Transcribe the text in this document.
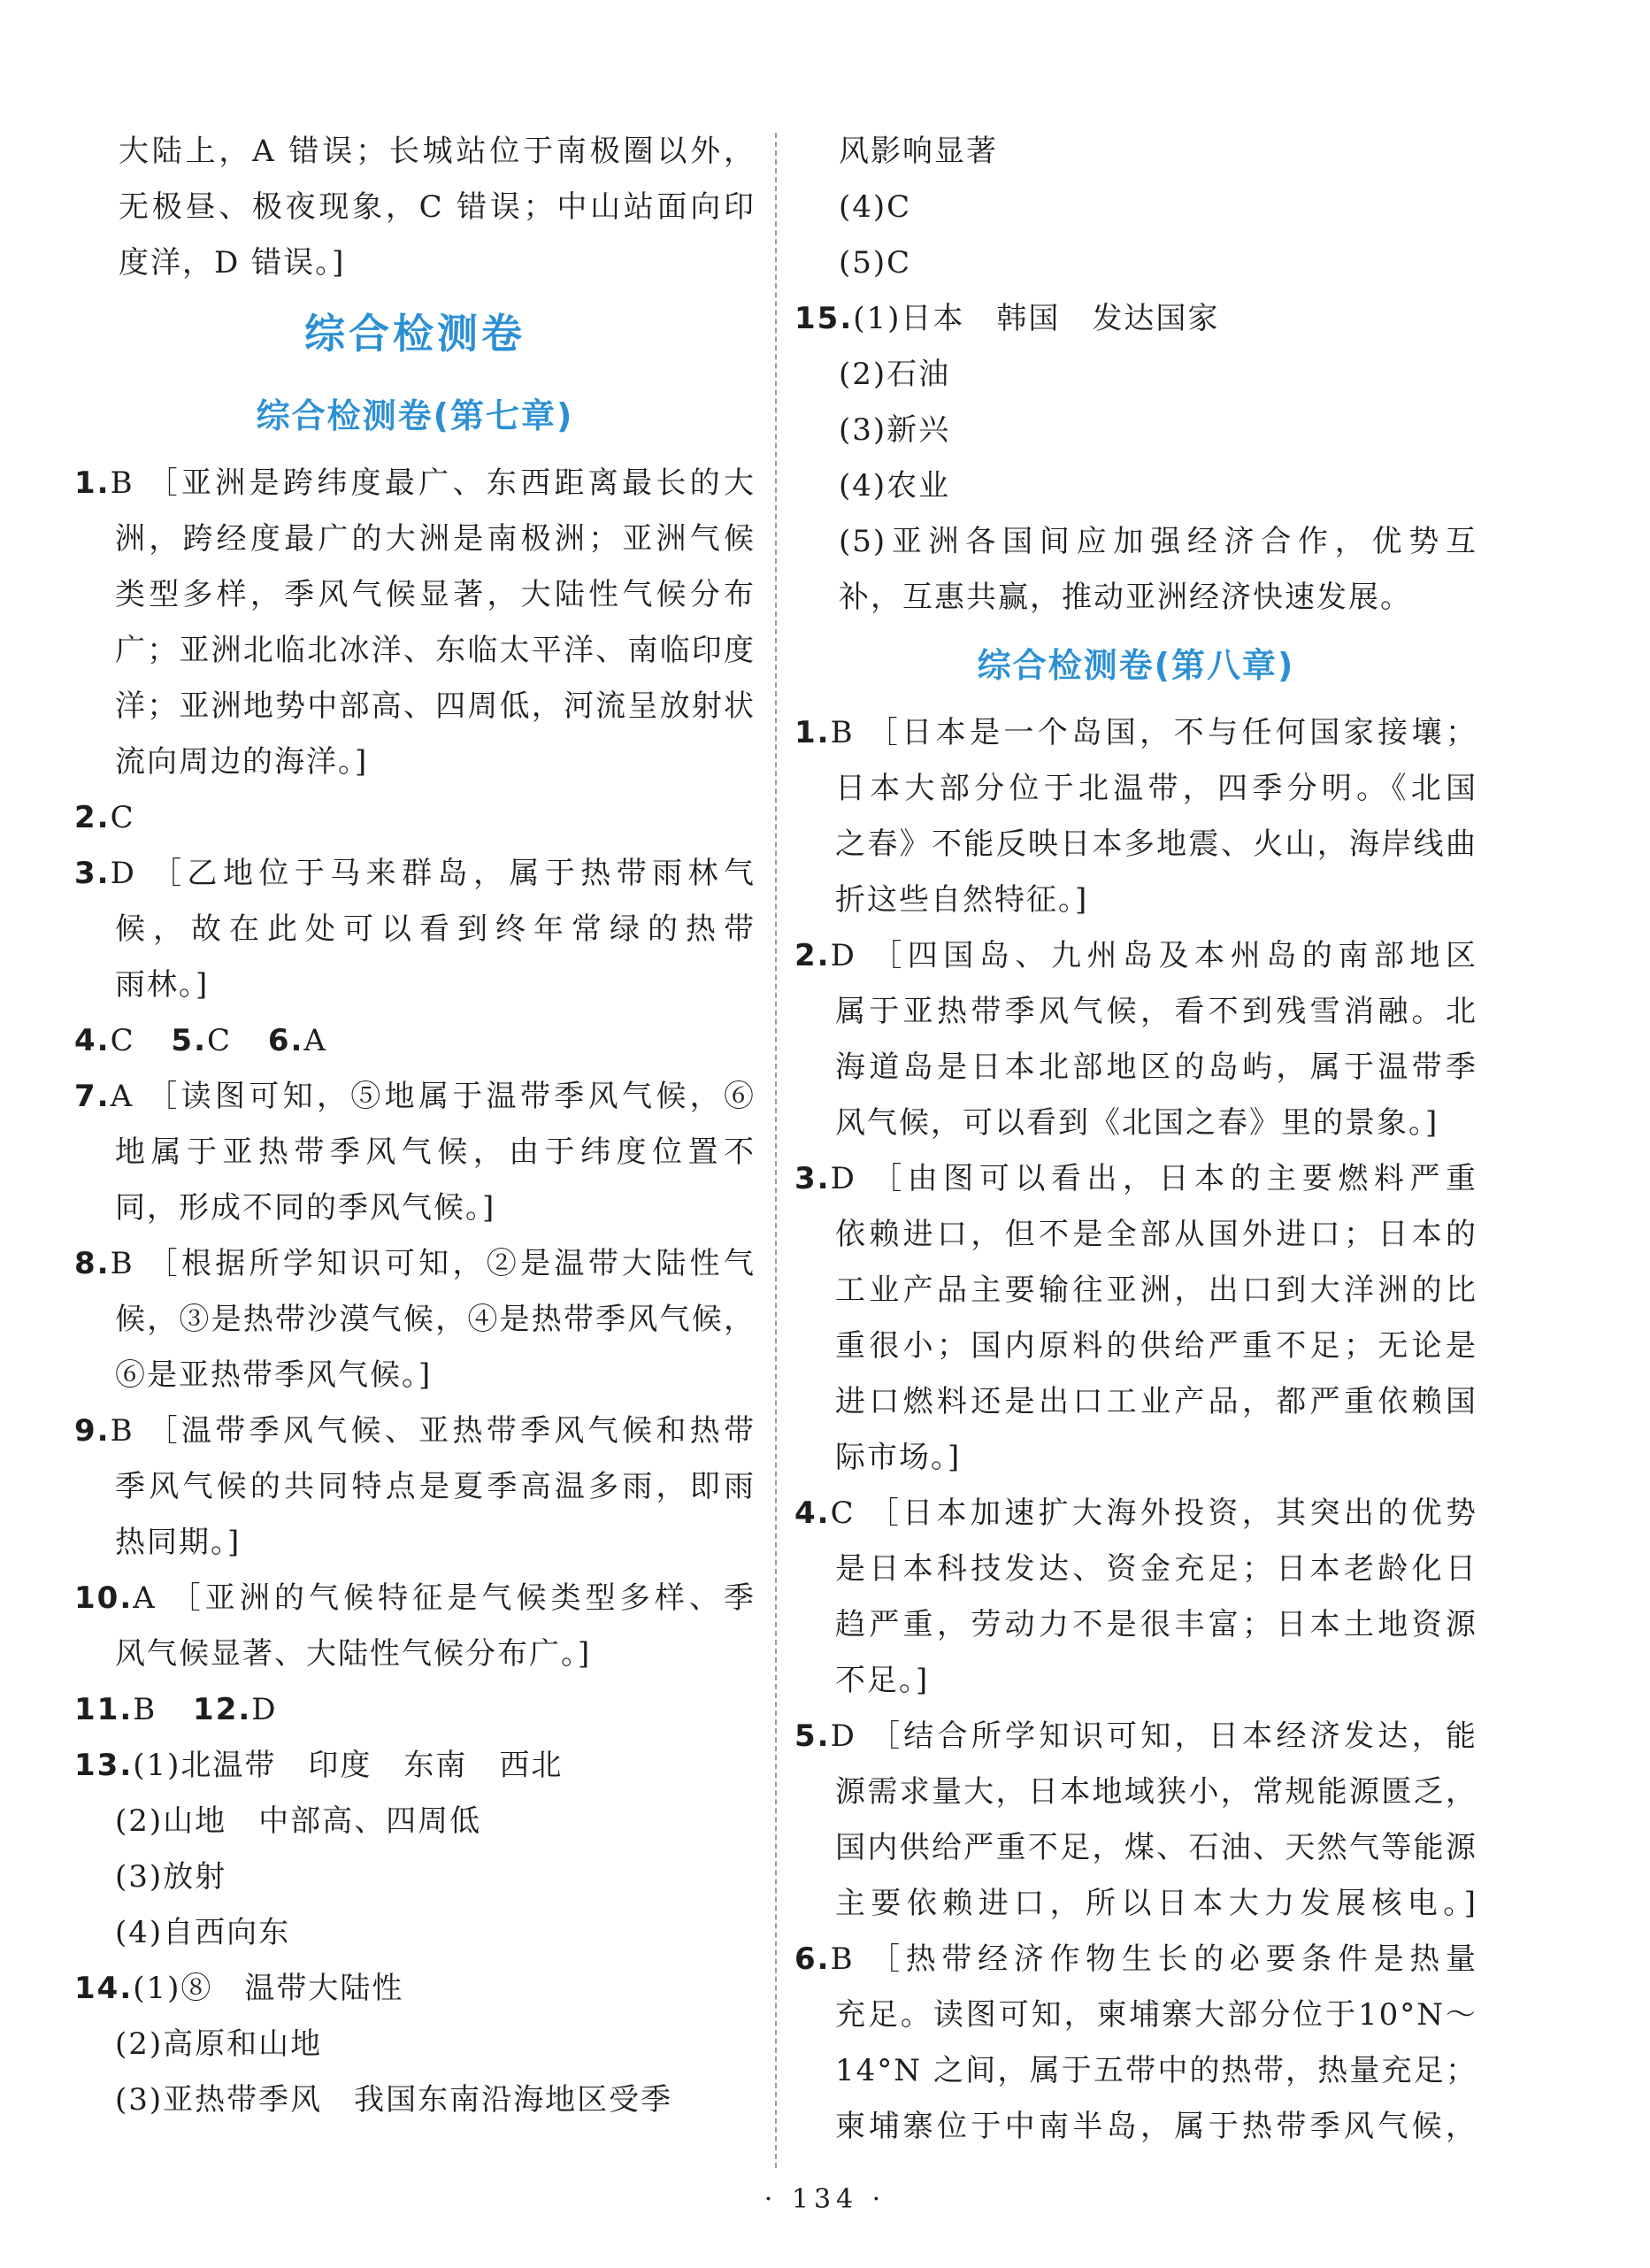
大陆上，A 错误；长城站位于南极圈以外，
无极昼、极夜现象，C 错误；中山站面向印
度洋，D 错误。]
综合检测卷
综合检测卷(第七章)
1.B ［亚洲是跨纬度最广、东西距离最长的大
洲，跨经度最广的大洲是南极洲；亚洲气候
类型多样，季风气候显著，大陆性气候分布
广；亚洲北临北冰洋、东临太平洋、南临印度
洋；亚洲地势中部高、四周低，河流呈放射状
流向周边的海洋。]
2.C
3.D ［乙地位于马来群岛，属于热带雨林气
候，故在此处可以看到终年常绿的热带
雨林。]
4.C 5.C 6.A
7.A ［读图可知，⑤地属于温带季风气候，⑥
地属于亚热带季风气候，由于纬度位置不
同，形成不同的季风气候。]
8.B ［根据所学知识可知，②是温带大陆性气
候，③是热带沙漠气候，④是热带季风气候，
⑥是亚热带季风气候。]
9.B ［温带季风气候、亚热带季风气候和热带
季风气候的共同特点是夏季高温多雨，即雨
热同期。]
10.A ［亚洲的气候特征是气候类型多样、季
风气候显著、大陆性气候分布广。]
11.B 12.D
13.(1)北温带　印度　东南　西北
(2)山地　中部高、四周低
(3)放射
(4)自西向东
14.(1)⑧　温带大陆性
(2)高原和山地
(3)亚热带季风　我国东南沿海地区受季
风影响显著
(4)C
(5)C
15.(1)日本　韩国　发达国家
(2)石油
(3)新兴
(4)农业
(5)亚洲各国间应加强经济合作，优势互
补，互惠共赢，推动亚洲经济快速发展。
综合检测卷(第八章)
1.B ［日本是一个岛国，不与任何国家接壤；
日本大部分位于北温带，四季分明。《北国
之春》不能反映日本多地震、火山，海岸线曲
折这些自然特征。]
2.D ［四国岛、九州岛及本州岛的南部地区
属于亚热带季风气候，看不到残雪消融。北
海道岛是日本北部地区的岛屿，属于温带季
风气候，可以看到《北国之春》里的景象。]
3.D ［由图可以看出，日本的主要燃料严重
依赖进口，但不是全部从国外进口；日本的
工业产品主要输往亚洲，出口到大洋洲的比
重很小；国内原料的供给严重不足；无论是
进口燃料还是出口工业产品，都严重依赖国
际市场。]
4.C ［日本加速扩大海外投资，其突出的优势
是日本科技发达、资金充足；日本老龄化日
趋严重，劳动力不是很丰富；日本土地资源
不足。]
5.D ［结合所学知识可知，日本经济发达，能
源需求量大，日本地域狭小，常规能源匮乏，
国内供给严重不足，煤、石油、天然气等能源
主要依赖进口，所以日本大力发展核电。]
6.B ［热带经济作物生长的必要条件是热量
充足。读图可知，柬埔寨大部分位于10°N～
14°N 之间，属于五带中的热带，热量充足；
柬埔寨位于中南半岛，属于热带季风气候，
· 134 ·
